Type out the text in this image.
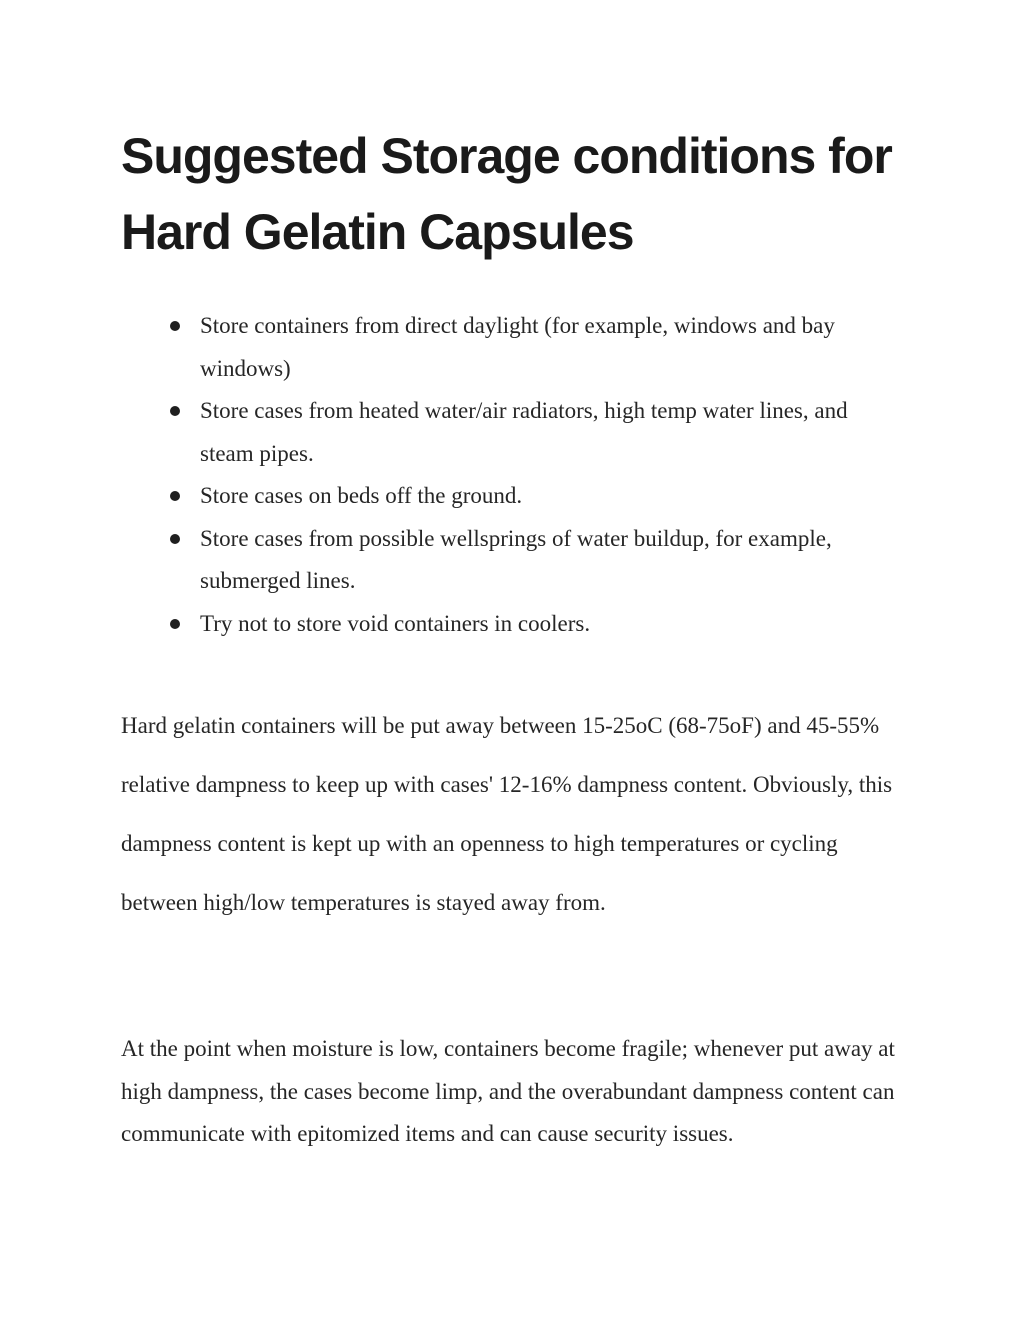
Suggested Storage conditions for Hard Gelatin Capsules
Store containers from direct daylight (for example, windows and bay windows)
Store cases from heated water/air radiators, high temp water lines, and steam pipes.
Store cases on beds off the ground.
Store cases from possible wellsprings of water buildup, for example, submerged lines.
Try not to store void containers in coolers.

Hard gelatin containers will be put away between 15-25oC (68-75oF) and 45-55% relative dampness to keep up with cases' 12-16% dampness content. Obviously, this dampness content is kept up with an openness to high temperatures or cycling between high/low temperatures is stayed away from.

At the point when moisture is low, containers become fragile; whenever put away at high dampness, the cases become limp, and the overabundant dampness content can communicate with epitomized items and can cause security issues.
